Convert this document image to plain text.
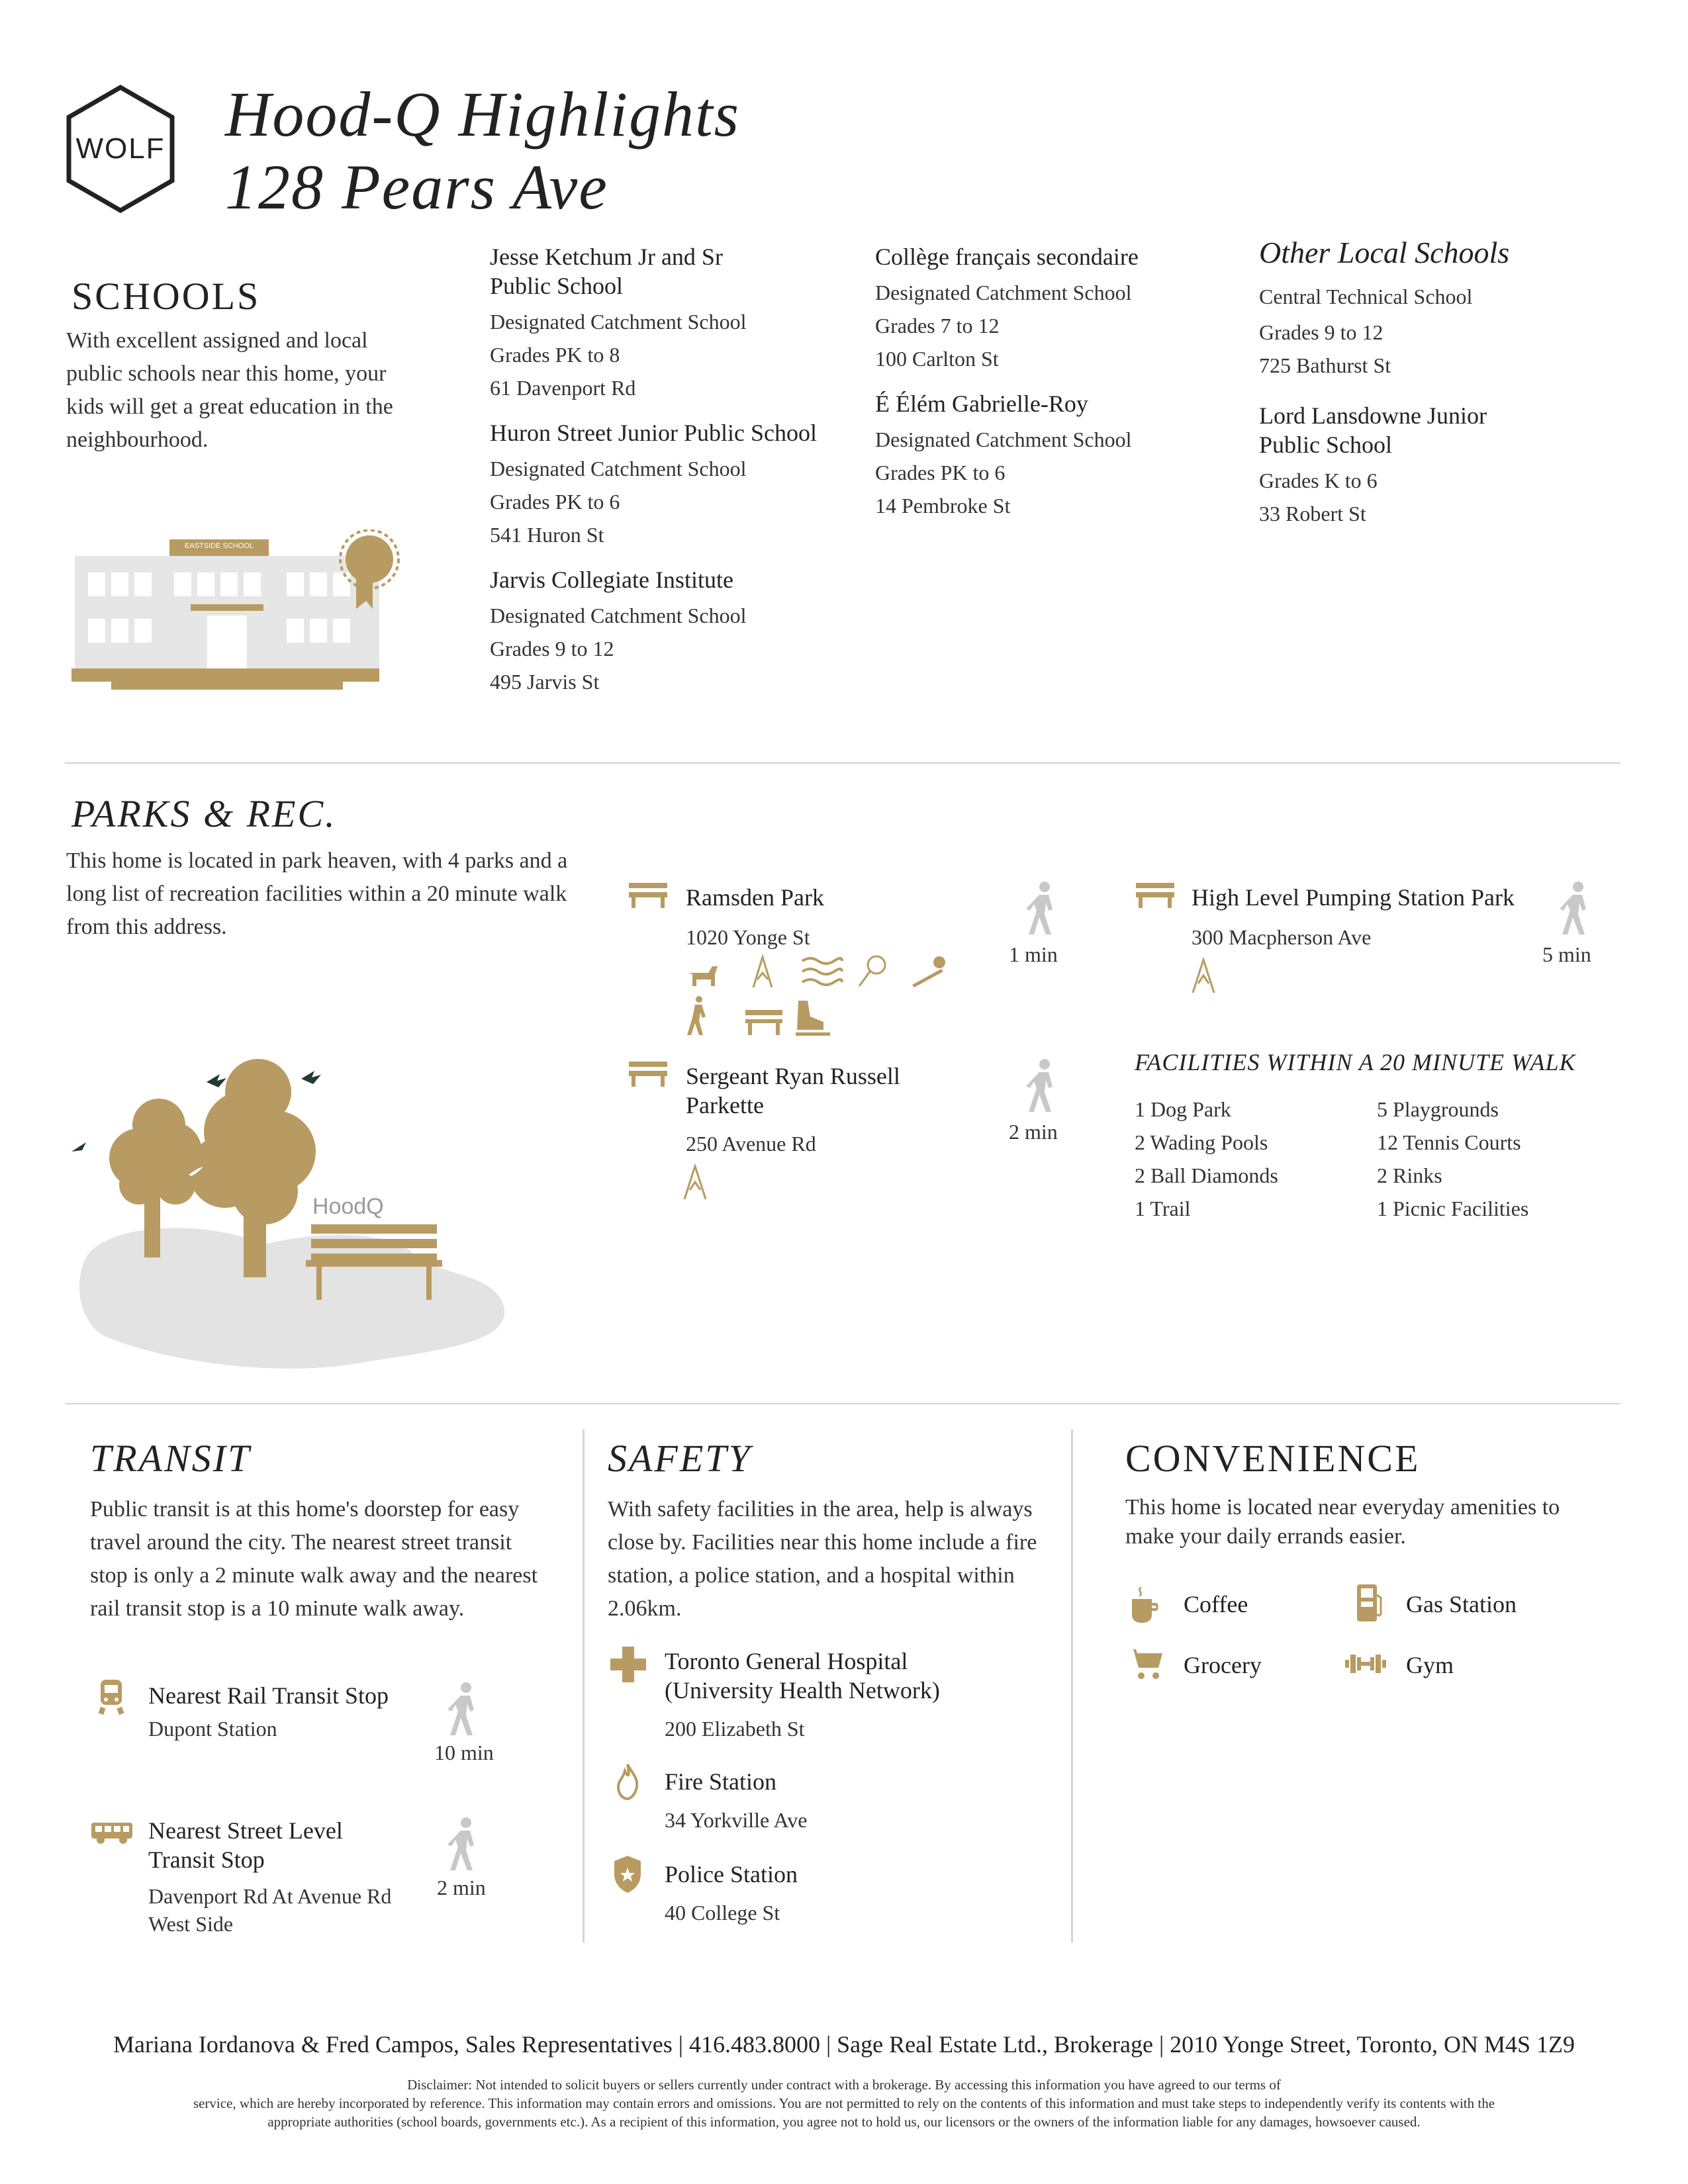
WOLF Hood-Q Highlights
128 Pears Ave
SCHOOLS
With excellent assigned and local public schools near this home, your kids will get a great education in the neighbourhood.
EASTSIDE SCHOOL
Jesse Ketchum Jr and Sr Public School
Designated Catchment School
Grades PK to 8
61 Davenport Rd
Huron Street Junior Public School
Designated Catchment School
Grades PK to 6
541 Huron St
Jarvis Collegiate Institute
Designated Catchment School
Grades 9 to 12
495 Jarvis St
Collège français secondaire
Designated Catchment School
Grades 7 to 12
100 Carlton St
É Élém Gabrielle-Roy
Designated Catchment School
Grades PK to 6
14 Pembroke St
Other Local Schools
Central Technical School
Grades 9 to 12
725 Bathurst St
Lord Lansdowne Junior Public School
Grades K to 6
33 Robert St
PARKS & REC.
This home is located in park heaven, with 4 parks and a long list of recreation facilities within a 20 minute walk from this address.
HoodQ
Ramsden Park
1020 Yonge St
1 min
Sergeant Ryan Russell Parkette
250 Avenue Rd	2 min
High Level Pumping Station Park
300 Macpherson Ave
5 min
FACILITIES WITHIN A 20 MINUTE WALK
1 Dog Park	5 Playgrounds
2 Wading Pools	12 Tennis Courts
2 Ball Diamonds	2 Rinks
1 Trail	1 Picnic Facilities
TRANSIT
Public transit is at this home's doorstep for easy travel around the city. The nearest street transit stop is only a 2 minute walk away and the nearest rail transit stop is a 10 minute walk away.
Nearest Rail Transit Stop
Dupont Station
10 min
Nearest Street Level Transit Stop
Davenport Rd At Avenue Rd West Side
2 min
SAFETY
With safety facilities in the area, help is always close by. Facilities near this home include a fire station, a police station, and a hospital within 2.06km.
Toronto General Hospital (University Health Network)
200 Elizabeth St
Fire Station
34 Yorkville Ave
Police Station
40 College St
CONVENIENCE
This home is located near everyday amenities to make your daily errands easier.
Coffee	Gas Station
Grocery	Gym
Mariana Iordanova & Fred Campos, Sales Representatives | 416.483.8000 | Sage Real Estate Ltd., Brokerage | 2010 Yonge Street, Toronto, ON M4S 1Z9
Disclaimer: Not intended to solicit buyers or sellers currently under contract with a brokerage. By accessing this information you have agreed to our terms of
service, which are hereby incorporated by reference. This information may contain errors and omissions. You are not permitted to rely on the contents of this information and must take steps to independently verify its contents with the
appropriate authorities (school boards, governments etc.). As a recipient of this information, you agree not to hold us, our licensors or the owners of the information liable for any damages, howsoever caused.
